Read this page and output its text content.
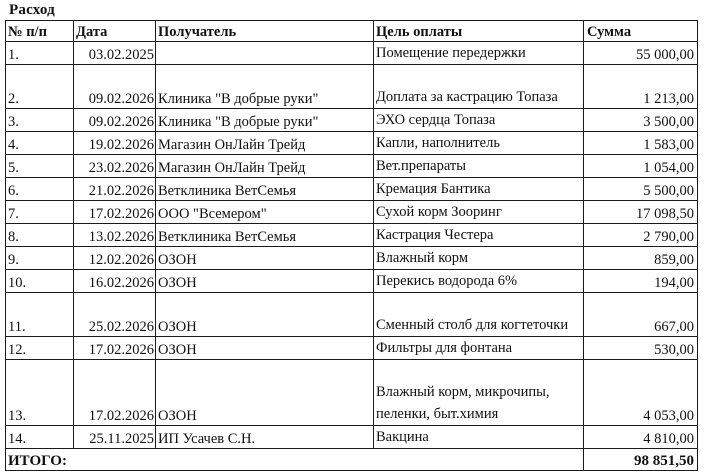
Расход
№ п/п	Дата	Получатель	Цель оплаты	Сумма
1.	03.02.2025		Помещение передержки	55 000,00
2.	09.02.2026	Клиника "В добрые руки"	Доплата за кастрацию Топаза	1 213,00
3.	09.02.2026	Клиника "В добрые руки"	ЭХО сердца Топаза	3 500,00
4.	19.02.2026	Магазин ОнЛайн Трейд	Капли, наполнитель	1 583,00
5.	23.02.2026	Магазин ОнЛайн Трейд	Вет.препараты	1 054,00
6.	21.02.2026	Ветклиника ВетСемья	Кремация Бантика	5 500,00
7.	17.02.2026	ООО "Всемером"	Сухой корм Зооринг	17 098,50
8.	13.02.2026	Ветклиника ВетСемья	Кастрация Честера	2 790,00
9.	12.02.2026	ОЗОН	Влажный корм	859,00
10.	16.02.2026	ОЗОН	Перекись водорода 6%	194,00
11.	25.02.2026	ОЗОН	Сменный столб для когтеточки	667,00
12.	17.02.2026	ОЗОН	Фильтры для фонтана	530,00
13.	17.02.2026	ОЗОН	Влажный корм, микрочипы, пеленки, быт.химия	4 053,00
14.	25.11.2025	ИП Усачев С.Н.	Вакцина	4 810,00
ИТОГО:				98 851,50
